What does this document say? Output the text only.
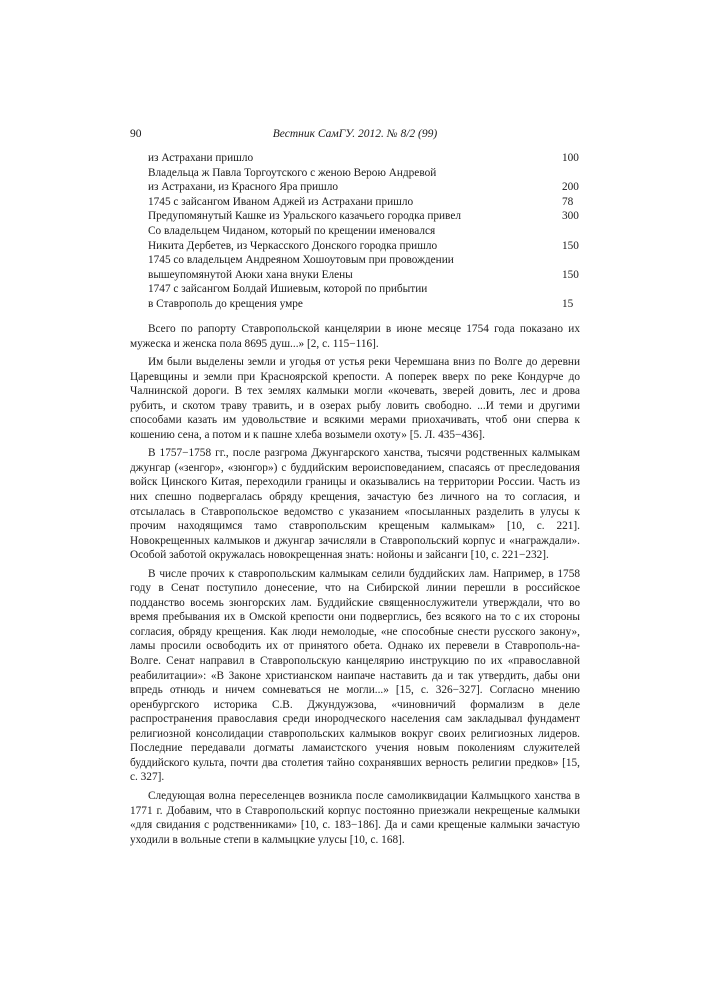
90	Вестник СамГУ. 2012. № 8/2 (99)
из Астрахани пришло	100
Владельца ж Павла Торгоутского с женою Верою Андревой
из Астрахани, из Красного Яра пришло	200
1745 с зайсангом Иваном Аджей из Астрахани пришло	78
Предупомянутый Кашке из Уральского казачьего городка привел	300
Со владельцем Чиданом, который по крещении именовался
Никита Дербетев, из Черкасского Донского городка пришло	150
1745 со владельцем Андреяном Хошоутовым при провождении
вышеупомянутой Аюки хана внуки Елены	150
1747 с зайсангом Болдай Ишиевым, которой по прибытии
в Ставрополь до крещения умре	15

Всего по рапорту Ставропольской канцелярии в июне месяце 1754 года показано их мужеска и женска пола 8695 душ...» [2, с. 115−116].

Им были выделены земли и угодья от устья реки Черемшана вниз по Волге до деревни Царевщины и земли при Красноярской крепости. А поперек вверх по реке Кондурче до Чалнинской дороги. В тех землях калмыки могли «кочевать, зверей довить, лес и дрова рубить, и скотом траву травить, и в озерах рыбу ловить свободно. ...И теми и другими способами казать им удовольствие и всякими мерами приохачивать, чтоб они сперва к кошению сена, а потом и к пашне хлеба возымели охоту» [5. Л. 435−436].

В 1757−1758 гг., после разгрома Джунгарского ханства, тысячи родственных калмыкам джунгар («зенгор», «зюнгор») с буддийским вероисповеданием, спасаясь от преследования войск Цинского Китая, переходили границы и оказывались на территории России. Часть из них спешно подвергалась обряду крещения, зачастую без личного на то согласия, и отсылалась в Ставропольское ведомство с указанием «посыланных разделить в улусы к прочим находящимся тамо ставропольским крещеным калмыкам» [10, с. 221]. Новокрещенных калмыков и джунгар зачисляли в Ставропольский корпус и «награждали». Особой заботой окружалась новокрещенная знать: нойоны и зайсанги [10, с. 221−232].

В числе прочих к ставропольским калмыкам селили буддийских лам. Например, в 1758 году в Сенат поступило донесение, что на Сибирской линии перешли в российское подданство восемь зюнгорских лам. Буддийские священнослужители утверждали, что во время пребывания их в Омской крепости они подверглись, без всякого на то с их стороны согласия, обряду крещения. Как люди немолодые, «не способные снести русского закону», ламы просили освободить их от принятого обета. Однако их перевели в Ставрополь-на-Волге. Сенат направил в Ставропольскую канцелярию инструкцию по их «православной реабилитации»: «В Законе христианском наипаче наставить да и так утвердить, дабы они впредь отнюдь и ничем сомневаться не могли...» [15, с. 326−327]. Согласно мнению оренбургского историка С.В. Джундужзова, «чиновничий формализм в деле распространения православия среди инородческого населения сам закладывал фундамент религиозной консолидации ставропольских калмыков вокруг своих религиозных лидеров. Последние передавали догматы ламаистского учения новым поколениям служителей буддийского культа, почти два столетия тайно сохранявших верность религии предков» [15, с. 327].

Следующая волна переселенцев возникла после самоликвидации Калмыцкого ханства в 1771 г. Добавим, что в Ставропольский корпус постоянно приезжали некрещеные калмыки «для свидания с родственниками» [10, с. 183−186]. Да и сами крещеные калмыки зачастую уходили в вольные степи в калмыцкие улусы [10, с. 168].
